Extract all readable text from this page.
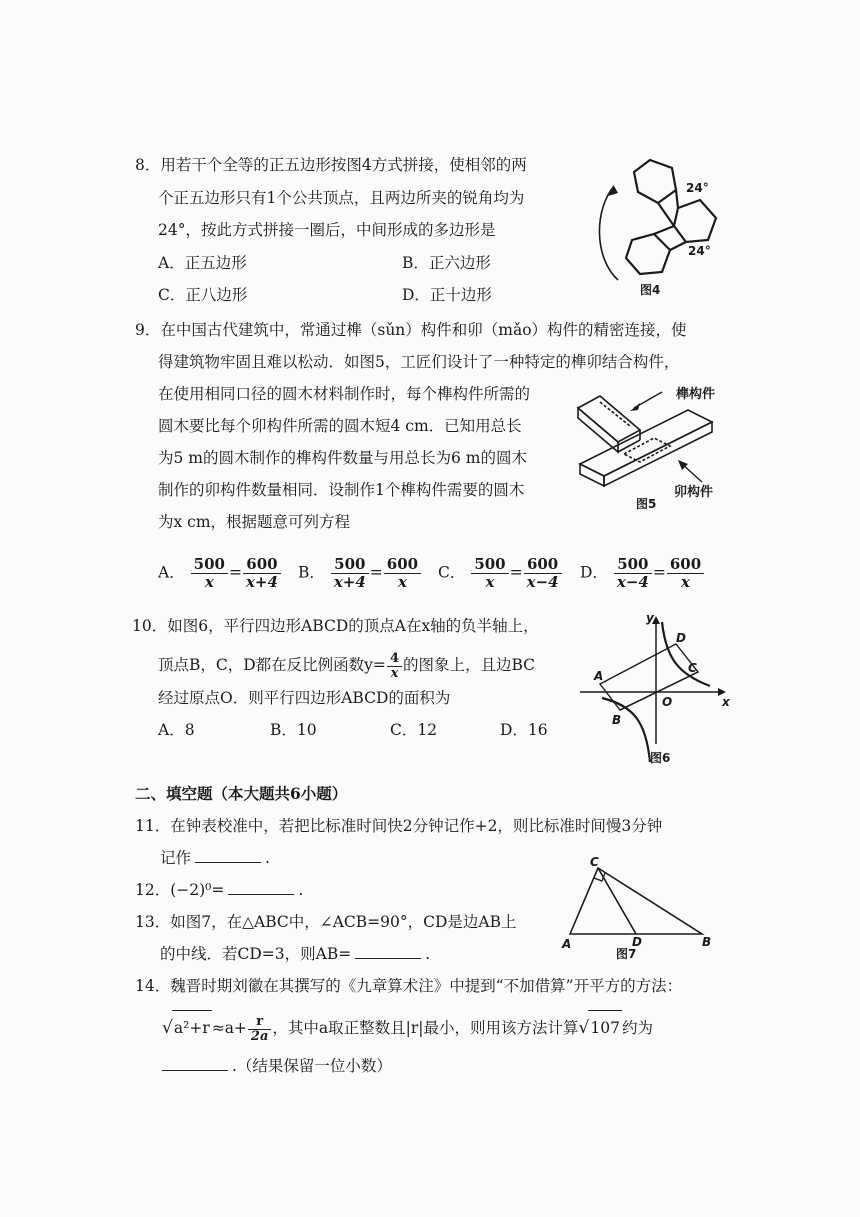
8．用若干个全等的正五边形按图4方式拼接，使相邻的两
个正五边形只有1个公共顶点，且两边所夹的锐角均为
24°，按此方式拼接一圈后，中间形成的多边形是
A．正五边形	B．正六边形
C．正八边形	D．正十边形
24°
24°
图4
9．在中国古代建筑中，常通过榫（sǔn）构件和卯（mǎo）构件的精密连接，使
得建筑物牢固且难以松动．如图5，工匠们设计了一种特定的榫卯结合构件，
在使用相同口径的圆木材料制作时，每个榫构件所需的
圆木要比每个卯构件所需的圆木短4 cm．已知用总长
为5 m的圆木制作的榫构件数量与用总长为6 m的圆木
制作的卯构件数量相同．设制作1个榫构件需要的圆木
为x cm，根据题意可列方程
榫构件
卯构件
图5
A． $\frac{500}{x} = \frac{600}{x+4}$ B． $\frac{500}{x+4} = \frac{600}{x}$ C． $\frac{500}{x} = \frac{600}{x-4}$ D． $\frac{500}{x-4} = \frac{600}{x}$
10．如图6，平行四边形ABCD的顶点A在x轴的负半轴上，
顶点B，C，D都在反比例函数$y= \frac{4}{x}$ 的图象上，且边BC
经过原点O．则平行四边形ABCD的面积为
A．8	B．10	C．12	D．16
y
x
O
A
B
C
D
图6
二、填空题（本大题共6小题）
11．在钟表校准中，若把比标准时间快2分钟记作+2，则比标准时间慢3分钟
记作	.
12．(−2)⁰=	.
13．如图7，在△ABC中，∠ACB=90°，CD是边AB上
的中线．若CD=3，则AB=	.
C
A	D	B
图7
14．魏晋时期刘徽在其撰写的《九章算术注》中提到“不加借算”开平方的方法：
$√a^2+r \approx a+ \frac{r}{2a}$ ，其中a取正整数且|r|最小，则用该方法计算√107 约为
.（结果保留一位小数）
